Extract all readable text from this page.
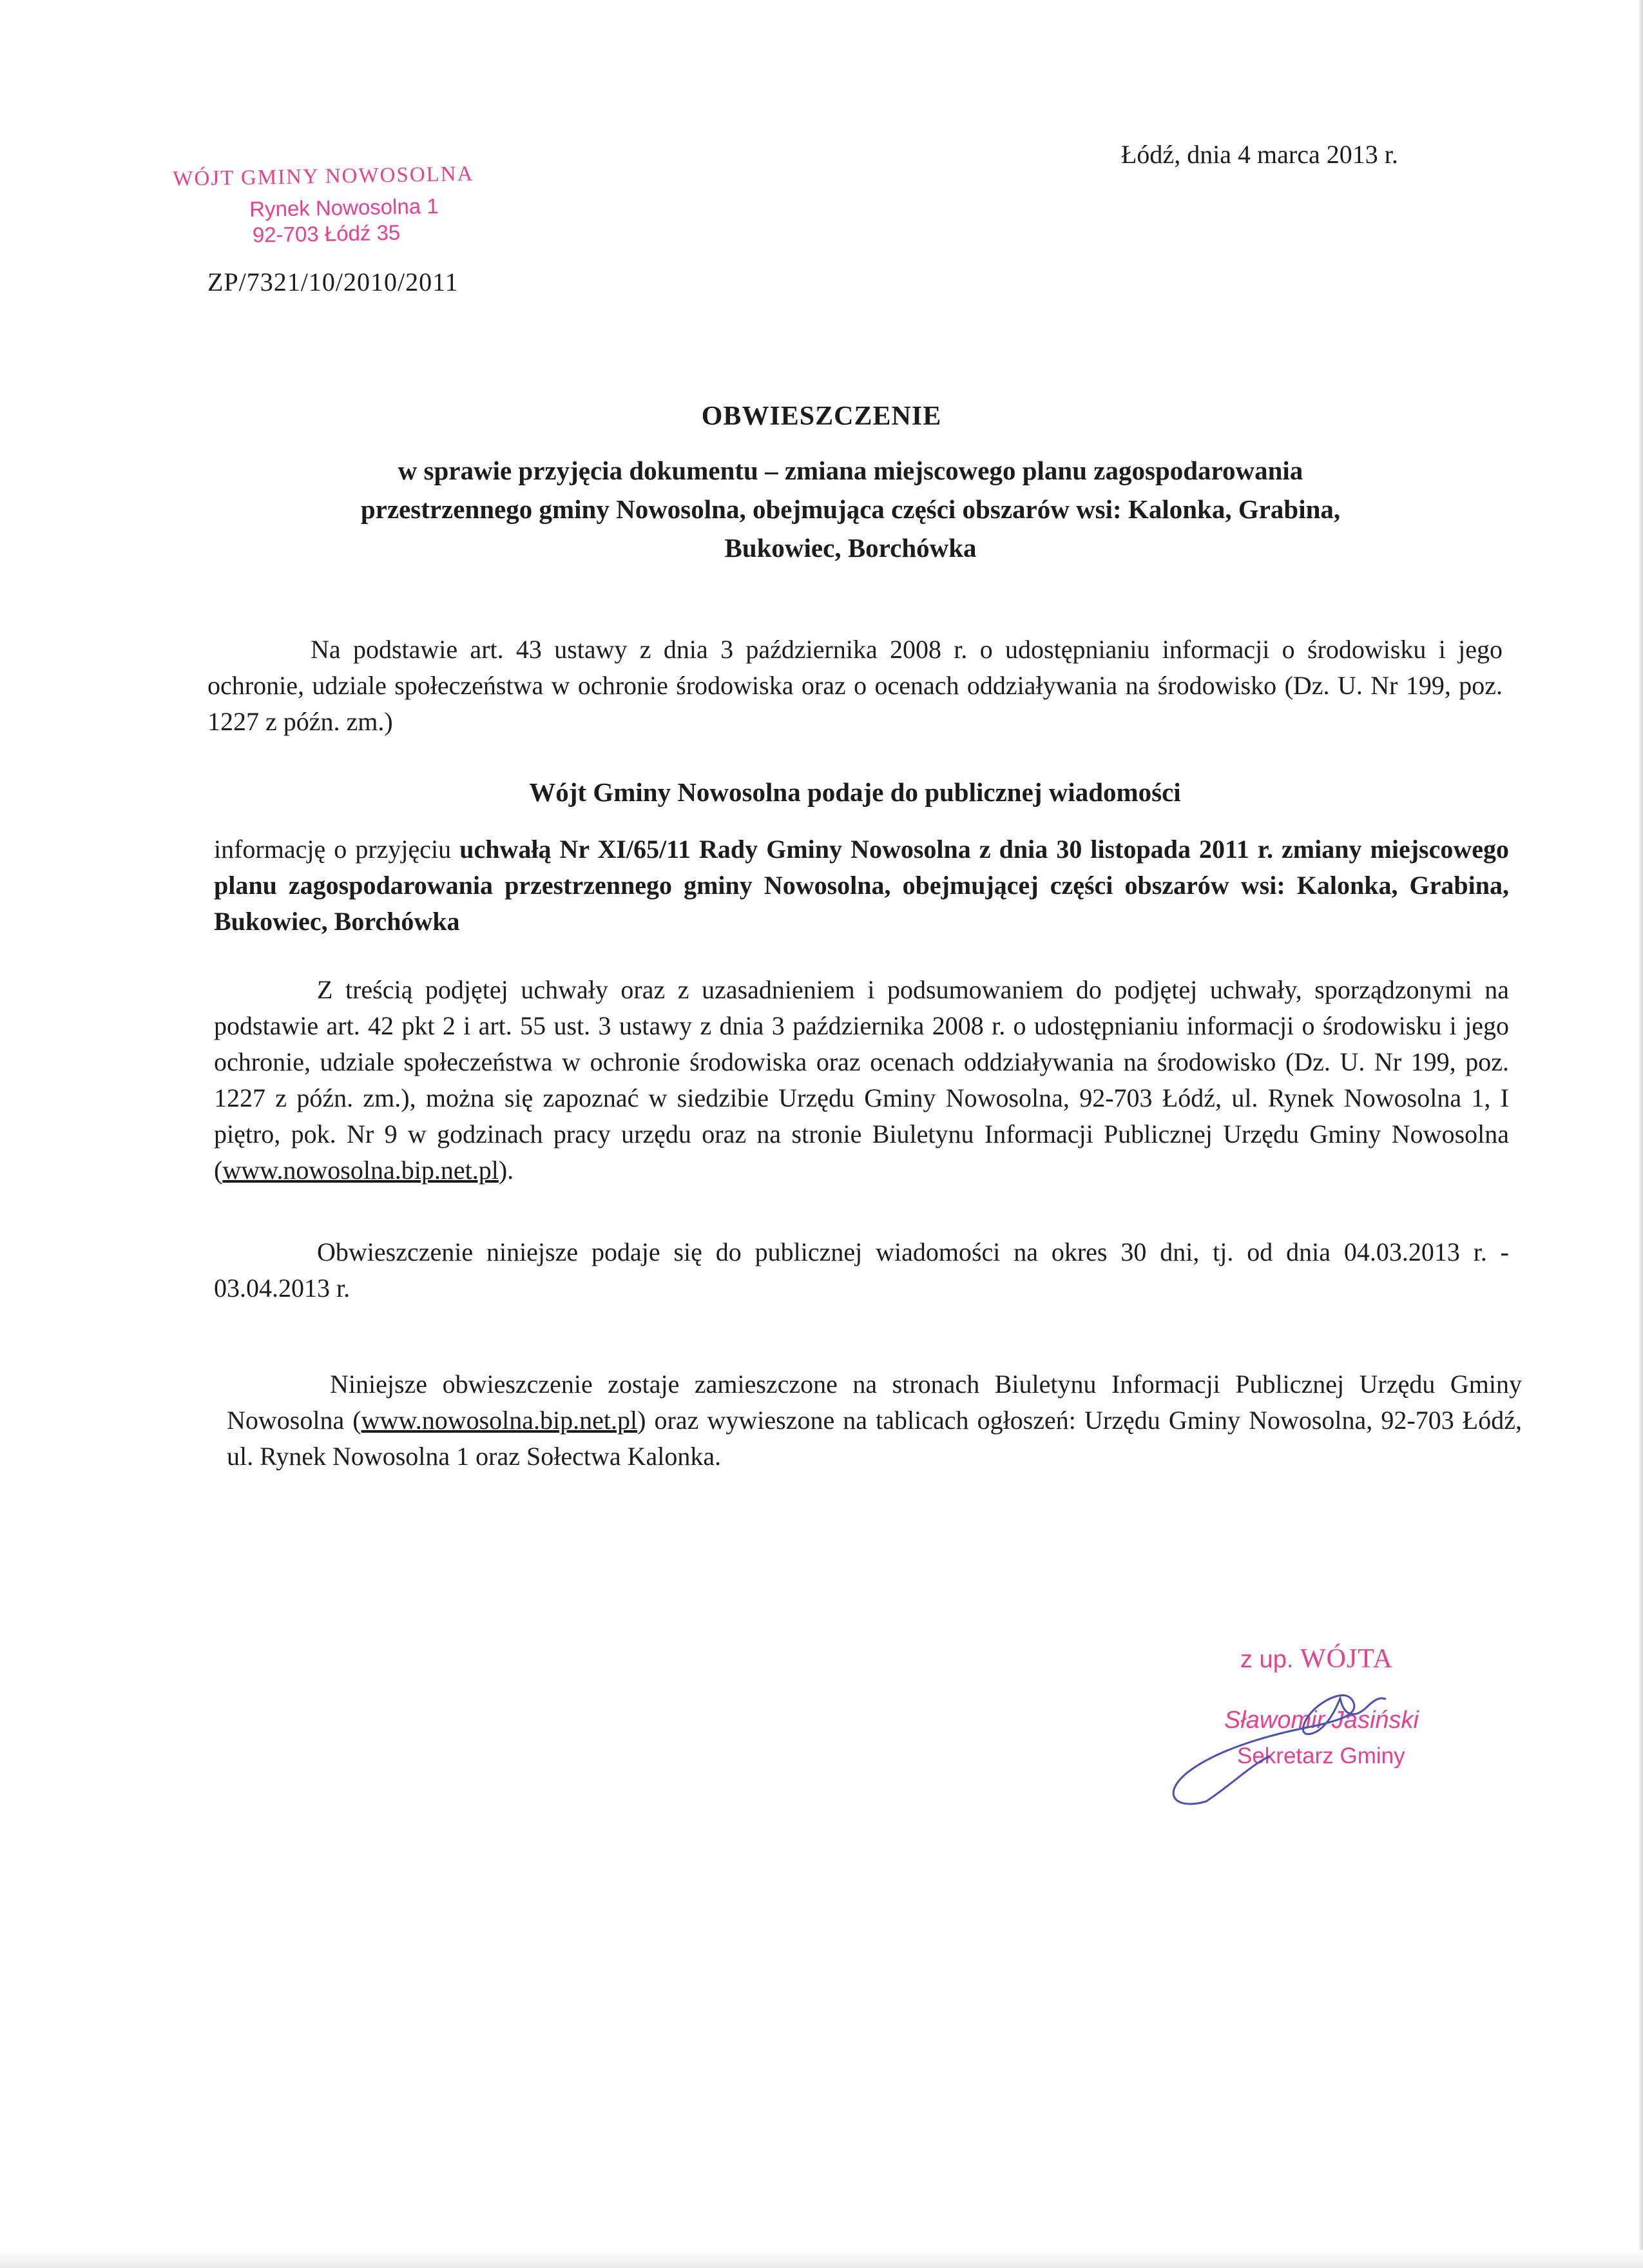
WÓJT GMINY NOWOSOLNA
Rynek Nowosolna 1
92-703 Łódź 35
Łódź, dnia 4 marca 2013 r.
ZP/7321/10/2010/2011
OBWIESZCZENIE
w sprawie przyjęcia dokumentu – zmiana miejscowego planu zagospodarowania
przestrzennego gminy Nowosolna, obejmująca części obszarów wsi: Kalonka, Grabina,
Bukowiec, Borchówka
Na podstawie art. 43 ustawy z dnia 3 października 2008 r. o udostępnianiu informacji o środowisku i jego ochronie, udziale społeczeństwa w ochronie środowiska oraz o ocenach oddziaływania na środowisko (Dz. U. Nr 199, poz. 1227 z późn. zm.)
Wójt Gminy Nowosolna podaje do publicznej wiadomości
informację o przyjęciu uchwałą Nr XI/65/11 Rady Gminy Nowosolna z dnia 30 listopada 2011 r. zmiany miejscowego planu zagospodarowania przestrzennego gminy Nowosolna, obejmującej części obszarów wsi: Kalonka, Grabina, Bukowiec, Borchówka
Z treścią podjętej uchwały oraz z uzasadnieniem i podsumowaniem do podjętej uchwały, sporządzonymi na podstawie art. 42 pkt 2 i art. 55 ust. 3 ustawy z dnia 3 października 2008 r. o udostępnianiu informacji o środowisku i jego ochronie, udziale społeczeństwa w ochronie środowiska oraz ocenach oddziaływania na środowisko (Dz. U. Nr 199, poz. 1227 z późn. zm.), można się zapoznać w siedzibie Urzędu Gminy Nowosolna, 92-703 Łódź, ul. Rynek Nowosolna 1, I piętro, pok. Nr 9 w godzinach pracy urzędu oraz na stronie Biuletynu Informacji Publicznej Urzędu Gminy Nowosolna (www.nowosolna.bip.net.pl).
Obwieszczenie niniejsze podaje się do publicznej wiadomości na okres 30 dni, tj. od dnia 04.03.2013 r. - 03.04.2013 r.
Niniejsze obwieszczenie zostaje zamieszczone na stronach Biuletynu Informacji Publicznej Urzędu Gminy Nowosolna (www.nowosolna.bip.net.pl) oraz wywieszone na tablicach ogłoszeń: Urzędu Gminy Nowosolna, 92-703 Łódź, ul. Rynek Nowosolna 1 oraz Sołectwa Kalonka.
z up. WÓJTA
Sławomir Jasiński
Sekretarz Gminy
